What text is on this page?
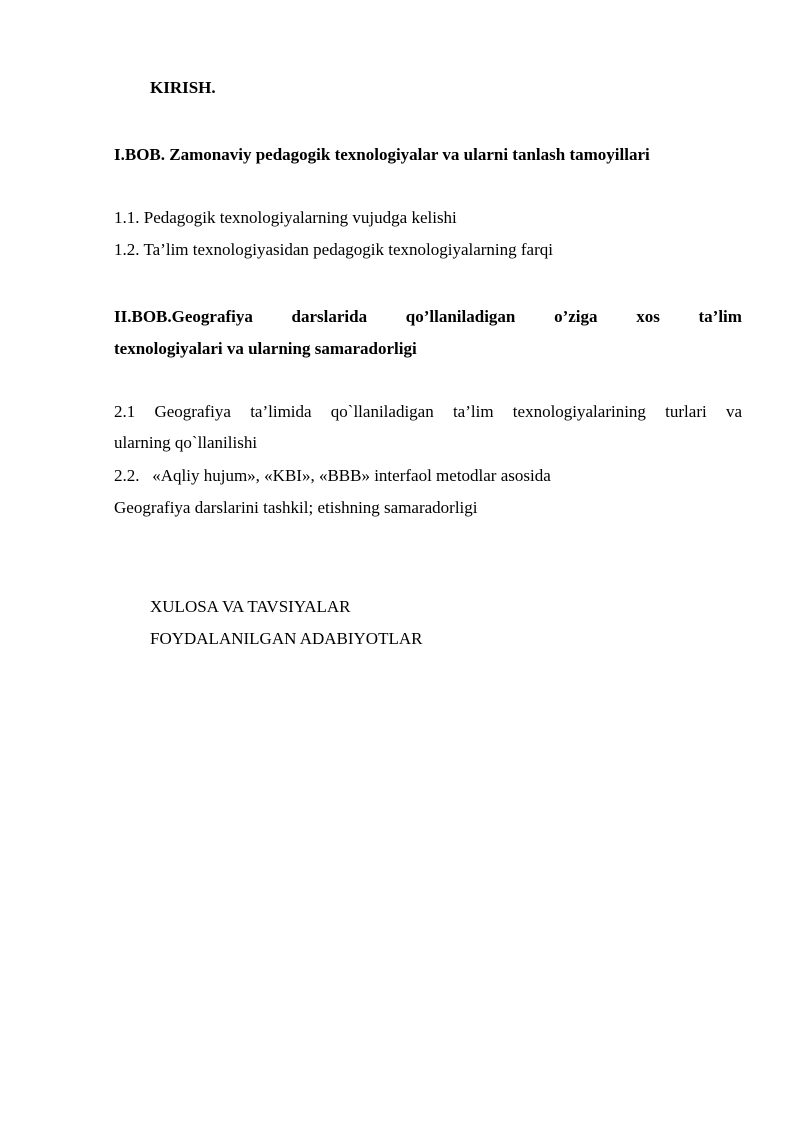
KIRISH.

I.BOB. Zamonaviy pedagogik texnologiyalar va ularni tanlash tamoyillari

1.1. Pedagogik texnologiyalarning vujudga kelishi

1.2. Ta’lim texnologiyasidan pedagogik texnologiyalarning farqi

II.BOB.Geografiya darslarida qo’llaniladigan o’ziga xos ta’lim

texnologiyalari va ularning samaradorligi

2.1 Geografiya ta’limida qo`llaniladigan ta’lim texnologiyalarining turlari va

ularning qo`llanilishi

2.2.   «Aqliy hujum», «KBI», «BBB» interfaol metodlar asosida

Geografiya darslarini tashkil; etishning samaradorligi

XULOSA VA TAVSIYALAR

FOYDALANILGAN ADABIYOTLAR
